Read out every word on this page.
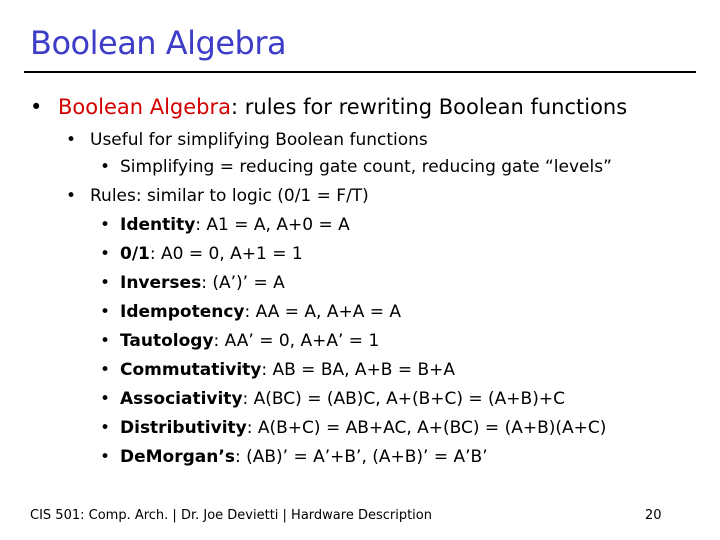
Boolean Algebra
• Boolean Algebra: rules for rewriting Boolean functions
• Useful for simplifying Boolean functions
• Simplifying = reducing gate count, reducing gate “levels”
• Rules: similar to logic (0/1 = F/T)
• Identity: A1 = A, A+0 = A
• 0/1: A0 = 0, A+1 = 1
• Inverses: (A’)’ = A
• Idempotency: AA = A, A+A = A
• Tautology: AA’ = 0, A+A’ = 1
• Commutativity: AB = BA, A+B = B+A
• Associativity: A(BC) = (AB)C, A+(B+C) = (A+B)+C
• Distributivity: A(B+C) = AB+AC, A+(BC) = (A+B)(A+C)
• DeMorgan’s: (AB)’ = A’+B’, (A+B)’ = A’B’
CIS 501: Comp. Arch. | Dr. Joe Devietti | Hardware Description	20
